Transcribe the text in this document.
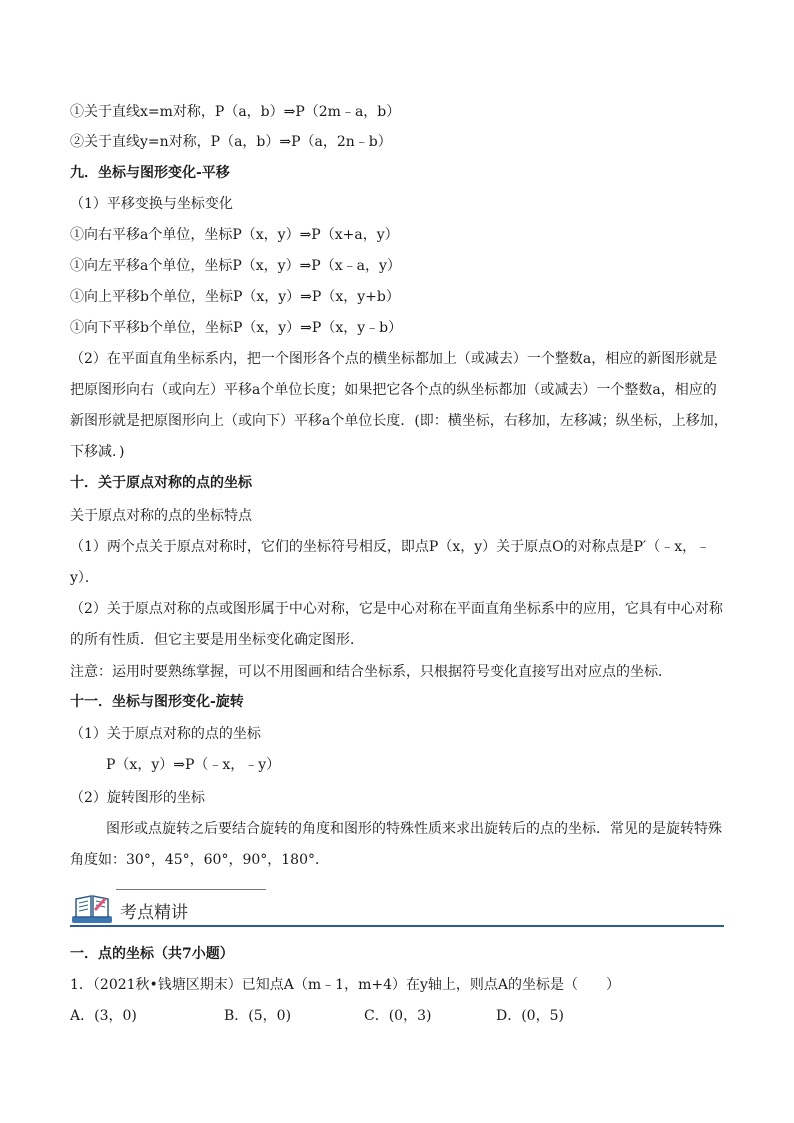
①关于直线x=m对称，P（a，b）⇒P（2m﹣a，b）
②关于直线y=n对称，P（a，b）⇒P（a，2n﹣b）
九．坐标与图形变化-平移
（1）平移变换与坐标变化
①向右平移a个单位，坐标P（x，y）⇒P（x+a，y）
①向左平移a个单位，坐标P（x，y）⇒P（x﹣a，y）
①向上平移b个单位，坐标P（x，y）⇒P（x，y+b）
①向下平移b个单位，坐标P（x，y）⇒P（x，y﹣b）
（2）在平面直角坐标系内，把一个图形各个点的横坐标都加上（或减去）一个整数a，相应的新图形就是
把原图形向右（或向左）平移a个单位长度；如果把它各个点的纵坐标都加（或减去）一个整数a，相应的
新图形就是把原图形向上（或向下）平移a个单位长度．(即：横坐标，右移加，左移减；纵坐标，上移加，
下移减．)
十．关于原点对称的点的坐标
关于原点对称的点的坐标特点
（1）两个点关于原点对称时，它们的坐标符号相反，即点P（x，y）关于原点O的对称点是P′（﹣x，﹣
y）．
（2）关于原点对称的点或图形属于中心对称，它是中心对称在平面直角坐标系中的应用，它具有中心对称
的所有性质．但它主要是用坐标变化确定图形．
注意：运用时要熟练掌握，可以不用图画和结合坐标系，只根据符号变化直接写出对应点的坐标．
十一．坐标与图形变化-旋转
（1）关于原点对称的点的坐标
P（x，y）⇒P（﹣x，﹣y）
（2）旋转图形的坐标
图形或点旋转之后要结合旋转的角度和图形的特殊性质来求出旋转后的点的坐标．常见的是旋转特殊
角度如：30°，45°，60°，90°，180°．
考点精讲
一．点的坐标（共7小题）
1．（2021秋•钱塘区期末）已知点A（m﹣1，m+4）在y轴上，则点A的坐标是（　　）
A．(3，0)	B．(5，0)	C．(0，3)	D．(0，5)
